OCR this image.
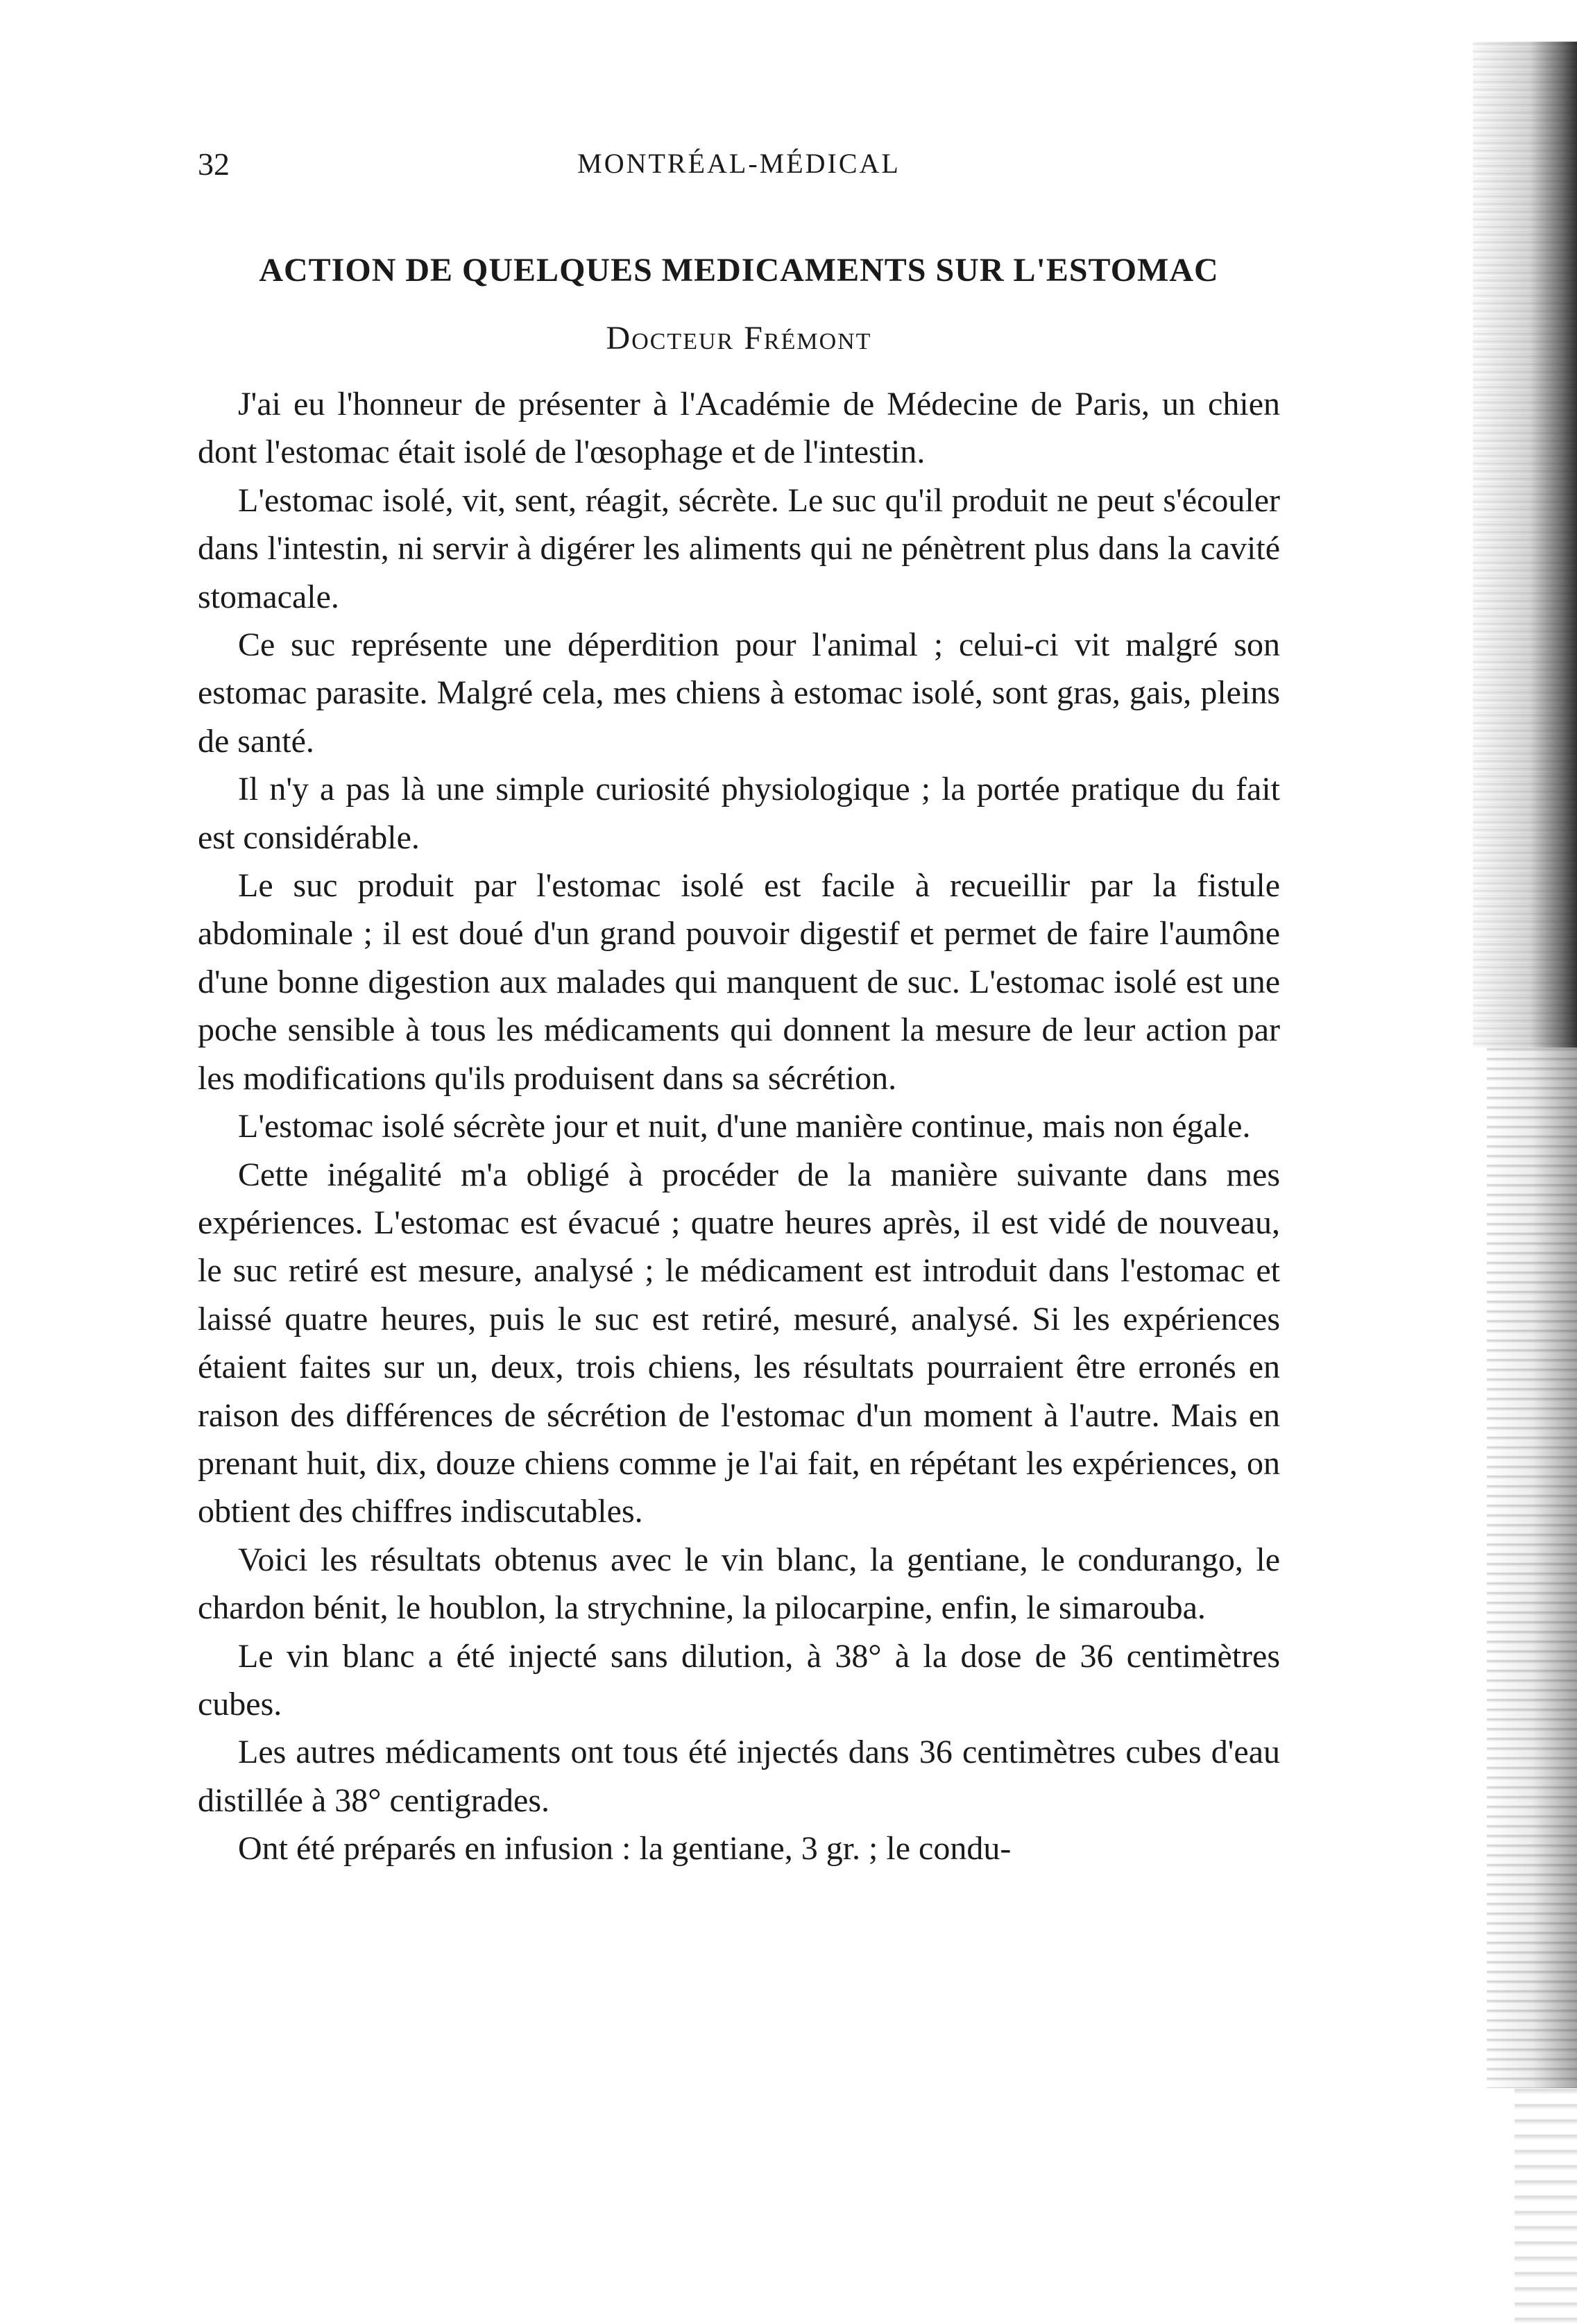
32	MONTRÉAL-MÉDICAL
ACTION DE QUELQUES MEDICAMENTS SUR L'ESTOMAC
Docteur Frémont

J'ai eu l'honneur de présenter à l'Académie de Médecine de Paris, un chien dont l'estomac était isolé de l'œsophage et de l'intestin.

L'estomac isolé, vit, sent, réagit, sécrète. Le suc qu'il produit ne peut s'écouler dans l'intestin, ni servir à digérer les aliments qui ne pénètrent plus dans la cavité stomacale.

Ce suc représente une déperdition pour l'animal ; celui-ci vit malgré son estomac parasite. Malgré cela, mes chiens à estomac isolé, sont gras, gais, pleins de santé.

Il n'y a pas là une simple curiosité physiologique ; la portée pratique du fait est considérable.

Le suc produit par l'estomac isolé est facile à recueillir par la fistule abdominale ; il est doué d'un grand pouvoir digestif et permet de faire l'aumône d'une bonne digestion aux malades qui manquent de suc. L'estomac isolé est une poche sensible à tous les médicaments qui donnent la mesure de leur action par les modifications qu'ils produisent dans sa sécrétion.

L'estomac isolé sécrète jour et nuit, d'une manière continue, mais non égale.

Cette inégalité m'a obligé à procéder de la manière suivante dans mes expériences. L'estomac est évacué ; quatre heures après, il est vidé de nouveau, le suc retiré est mesure, analysé ; le médicament est introduit dans l'estomac et laissé quatre heures, puis le suc est retiré, mesuré, analysé. Si les expériences étaient faites sur un, deux, trois chiens, les résultats pourraient être erronés en raison des différences de sécrétion de l'estomac d'un moment à l'autre. Mais en prenant huit, dix, douze chiens comme je l'ai fait, en répétant les expériences, on obtient des chiffres indiscutables.

Voici les résultats obtenus avec le vin blanc, la gentiane, le condurango, le chardon bénit, le houblon, la strychnine, la pilocarpine, enfin, le simarouba.

Le vin blanc a été injecté sans dilution, à 38° à la dose de 36 centimètres cubes.

Les autres médicaments ont tous été injectés dans 36 centimètres cubes d'eau distillée à 38° centigrades.

Ont été préparés en infusion : la gentiane, 3 gr. ; le condu-
